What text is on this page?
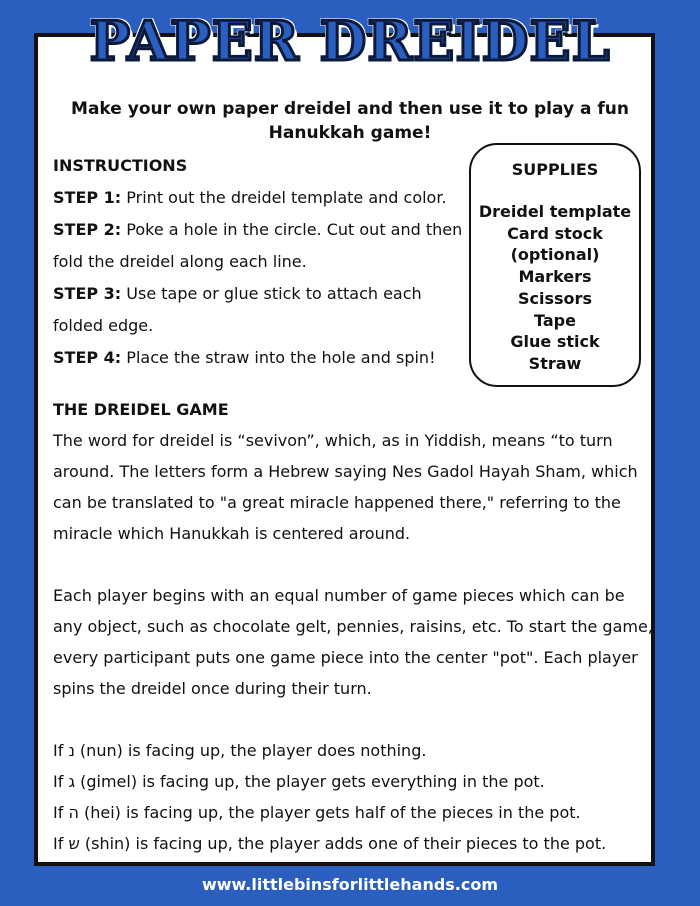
PAPER DREIDEL
Make your own paper dreidel and then use it to play a fun Hanukkah game!
INSTRUCTIONS
STEP 1: Print out the dreidel template and color.
STEP 2: Poke a hole in the circle. Cut out and then fold the dreidel along each line.
STEP 3: Use tape or glue stick to attach each folded edge.
STEP 4: Place the straw into the hole and spin!
SUPPLIES
Dreidel template
Card stock
(optional)
Markers
Scissors
Tape
Glue stick
Straw

THE DREIDEL GAME

The word for dreidel is “sevivon”, which, as in Yiddish, means “to turn around. The letters form a Hebrew saying Nes Gadol Hayah Sham, which can be translated to "a great miracle happened there," referring to the miracle which Hanukkah is centered around.

Each player begins with an equal number of game pieces which can be any object, such as chocolate gelt, pennies, raisins, etc. To start the game, every participant puts one game piece into the center "pot". Each player spins the dreidel once during their turn.

If נ (nun) is facing up, the player does nothing.

If ג (gimel) is facing up, the player gets everything in the pot.

If ה (hei) is facing up, the player gets half of the pieces in the pot.

If ש (shin) is facing up, the player adds one of their pieces to the pot.

www.littlebinsforlittlehands.com
